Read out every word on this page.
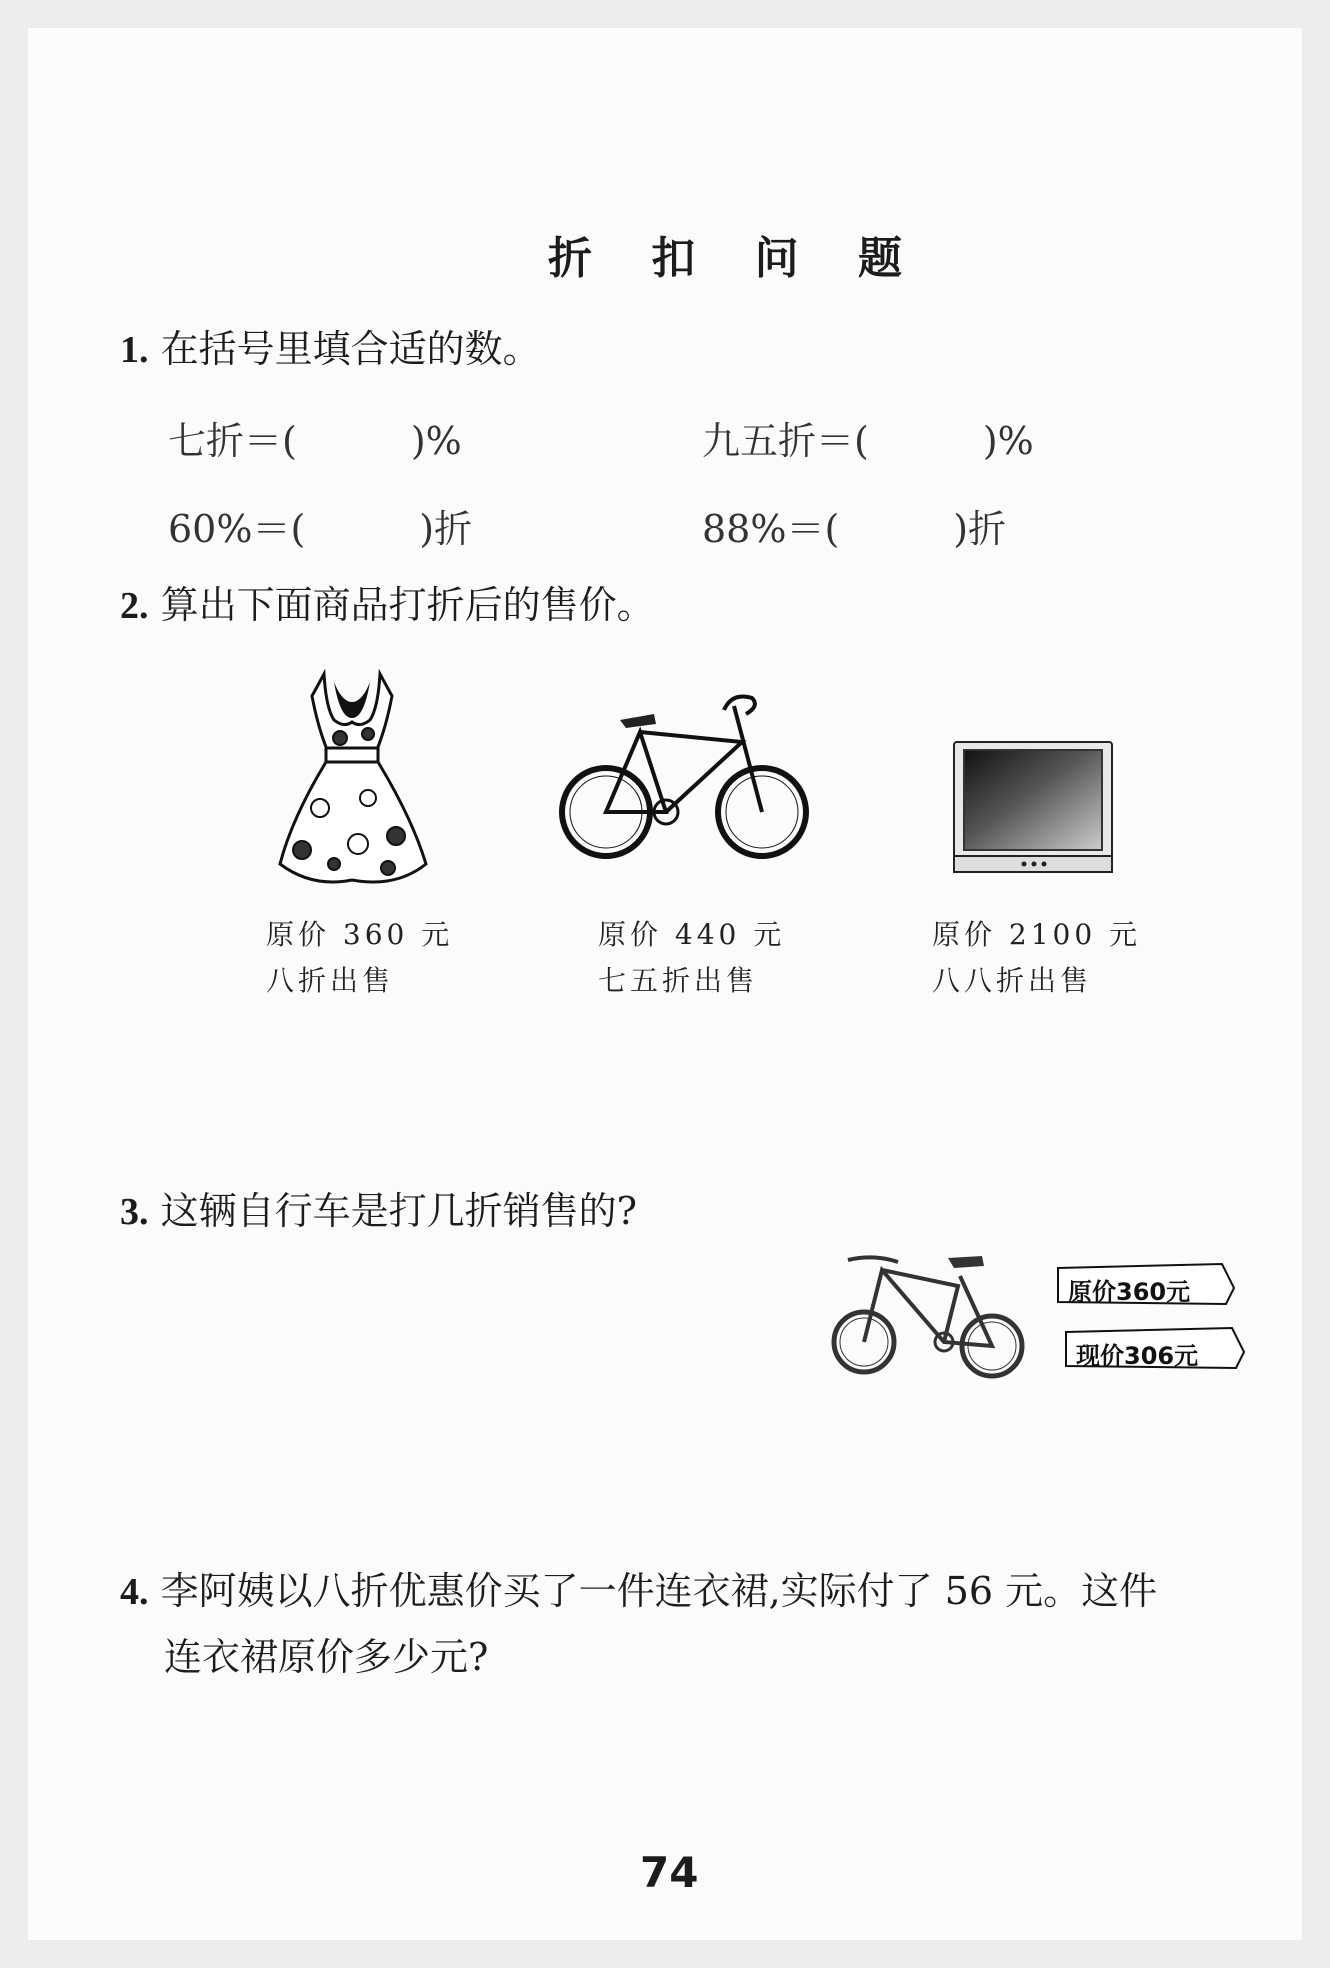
折 扣 问 题
1. 在括号里填合适的数。
七折＝(　　　)%	九五折＝(　　　)%
60%＝(　　　)折	88%＝(　　　)折
2. 算出下面商品打折后的售价。
原价 360 元
八折出售
原价 440 元
七五折出售
原价 2100 元
八八折出售
3. 这辆自行车是打几折销售的?
原价360元
现价306元
4. 李阿姨以八折优惠价买了一件连衣裙,实际付了 56 元。这件
连衣裙原价多少元?
74
